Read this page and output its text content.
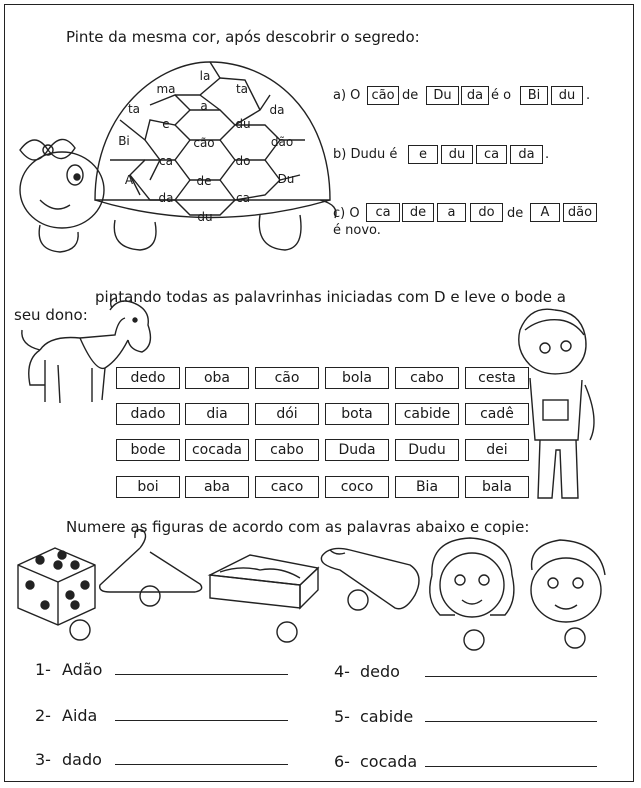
Pinte da mesma cor, após descobrir o segredo:
la
ma	ta
ta	a	da
Bi
e	du
dão
cão
ca	do
A	de	Du
da	ca
du
a) O cão de	Du	da é o	Bi	du .
b) Dudu é	e	du	ca	da .
c) O	ca	de	a	do de	A	dão
é novo.
pintando todas as palavrinhas iniciadas com D e leve o bode a
seu dono:
dedo	oba	cão	bola	cabo	cesta
dado	dia	dói	bota	cabide	cadê
bode	cocada	cabo	Duda	Dudu	dei
boi	aba	caco	coco	Bia	bala
Numere as figuras de acordo com as palavras abaixo e copie:
1- Adão
2- Aida
3- dado
4- dedo
5- cabide
6- cocada
